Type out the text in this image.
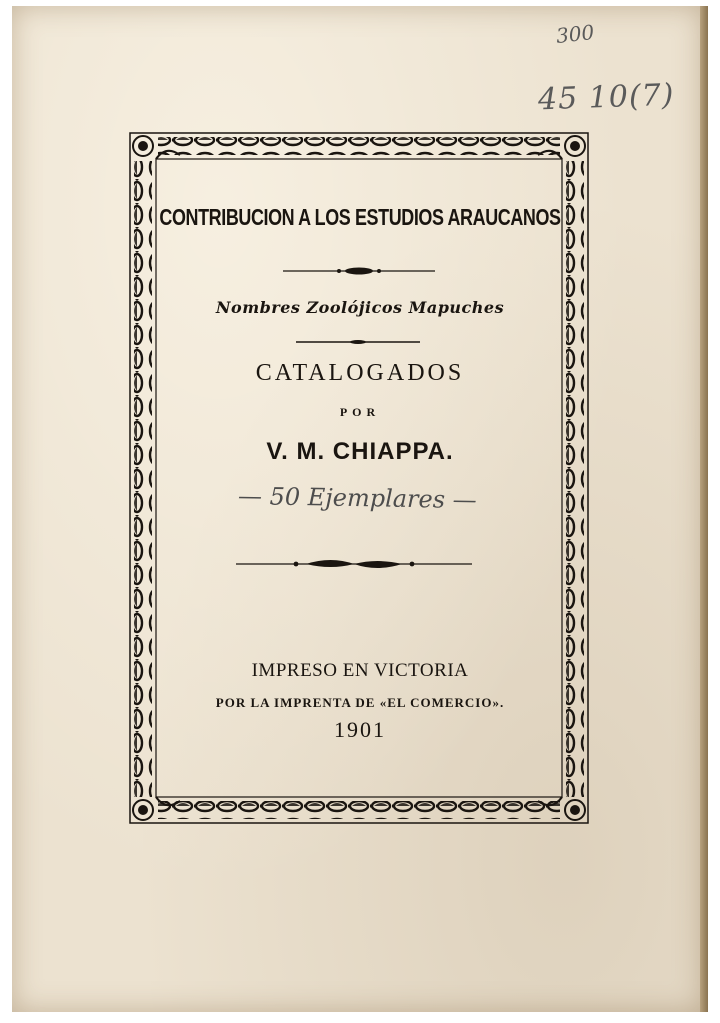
CONTRIBUCION A LOS ESTUDIOS ARAUCANOS
Nombres Zoolójicos Mapuches
CATALOGADOS
POR
V. M. CHIAPPA.
— 50 Ejemplares —
IMPRESO EN VICTORIA
POR LA IMPRENTA DE «EL COMERCIO».
1901
300
45 10(7)
